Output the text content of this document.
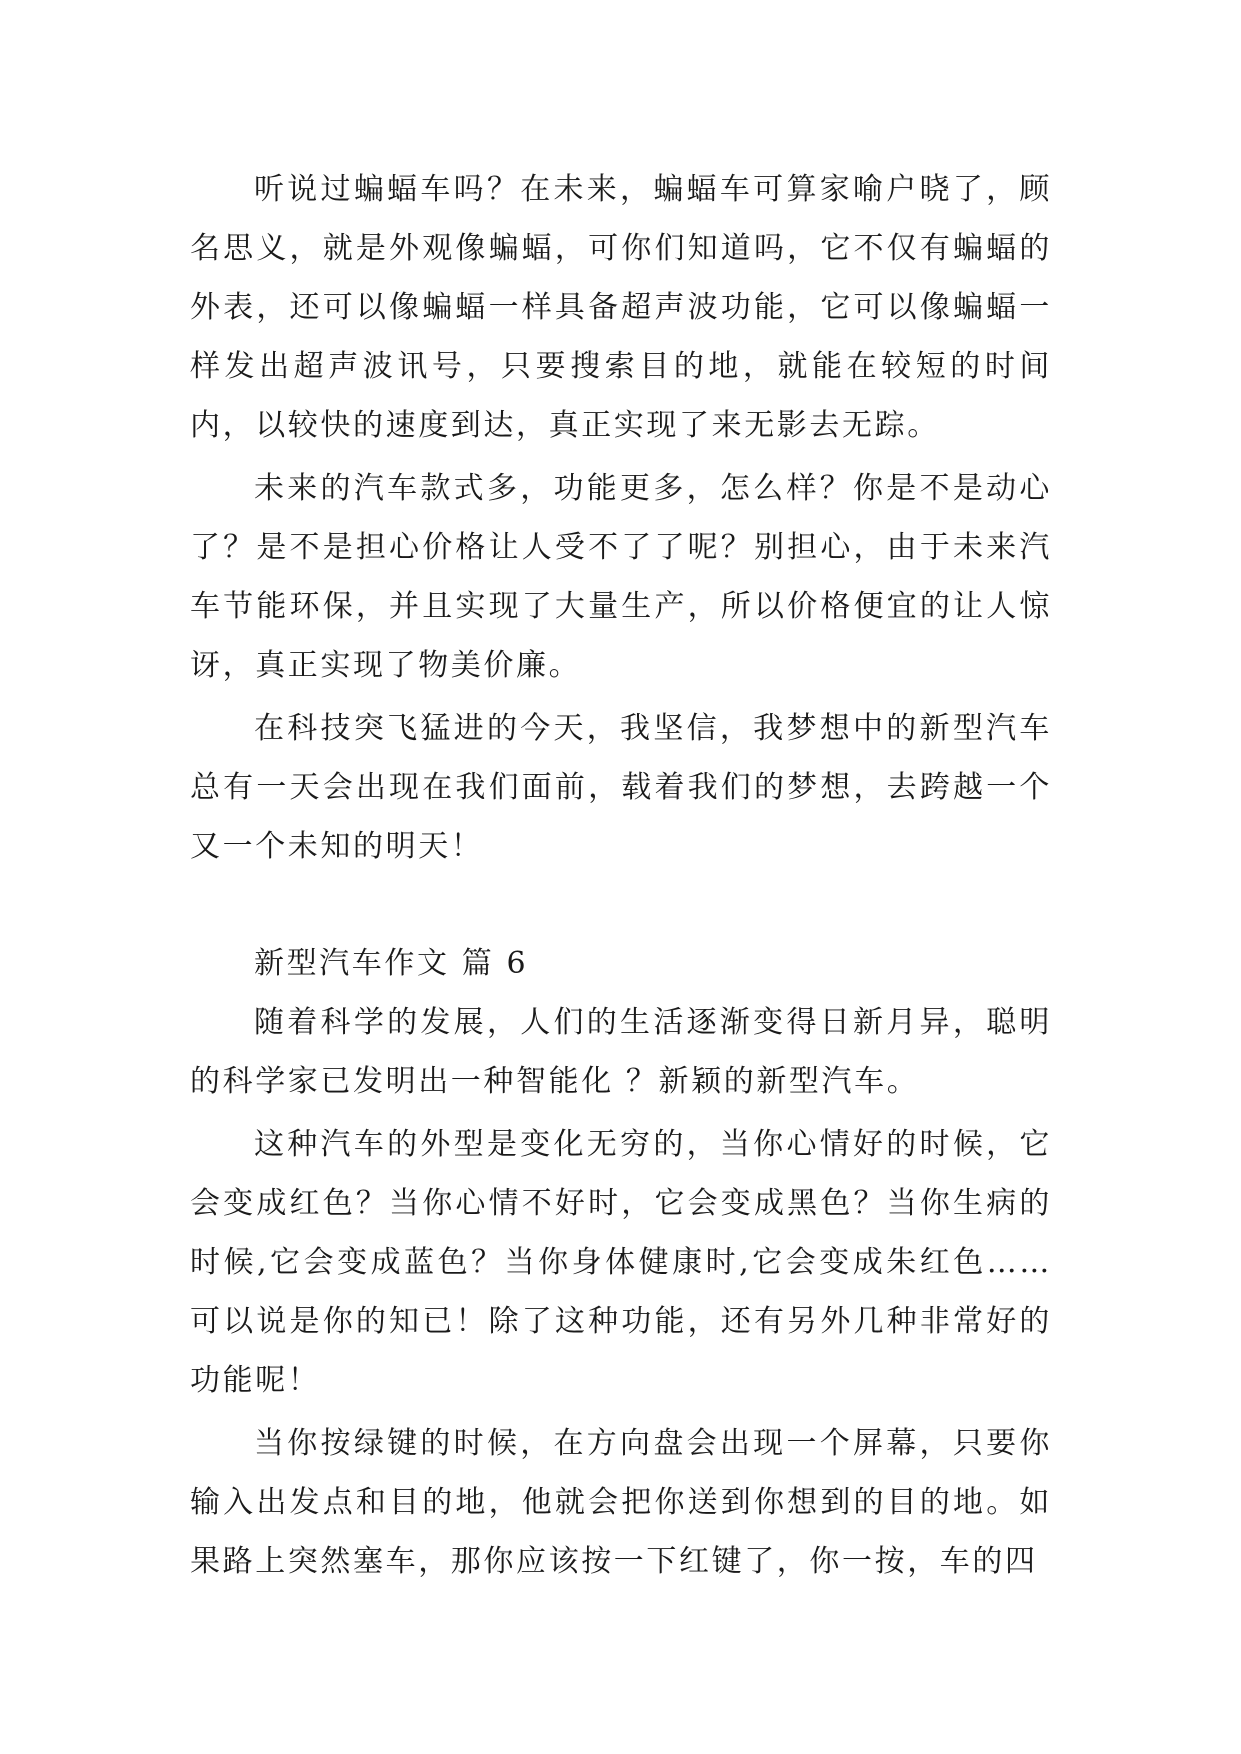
听说过蝙蝠车吗？在未来，蝙蝠车可算家喻户晓了，顾名思义，就是外观像蝙蝠，可你们知道吗，它不仅有蝙蝠的外表，还可以像蝙蝠一样具备超声波功能，它可以像蝙蝠一样发出超声波讯号，只要搜索目的地，就能在较短的时间内，以较快的速度到达，真正实现了来无影去无踪。

未来的汽车款式多，功能更多，怎么样？你是不是动心了？是不是担心价格让人受不了了呢？别担心，由于未来汽车节能环保，并且实现了大量生产，所以价格便宜的让人惊讶，真正实现了物美价廉。

在科技突飞猛进的今天，我坚信，我梦想中的新型汽车总有一天会出现在我们面前，载着我们的梦想，去跨越一个又一个未知的明天！

新型汽车作文 篇 6

随着科学的发展，人们的生活逐渐变得日新月异，聪明的科学家已发明出一种智能化 ？新颖的新型汽车。

这种汽车的外型是变化无穷的，当你心情好的时候，它会变成红色？当你心情不好时，它会变成黑色？当你生病的时候,它会变成蓝色？当你身体健康时,它会变成朱红色……可以说是你的知已！除了这种功能，还有另外几种非常好的功能呢！

当你按绿键的时候，在方向盘会出现一个屏幕，只要你输入出发点和目的地，他就会把你送到你想到的目的地。如果路上突然塞车，那你应该按一下红键了，你一按，车的四
